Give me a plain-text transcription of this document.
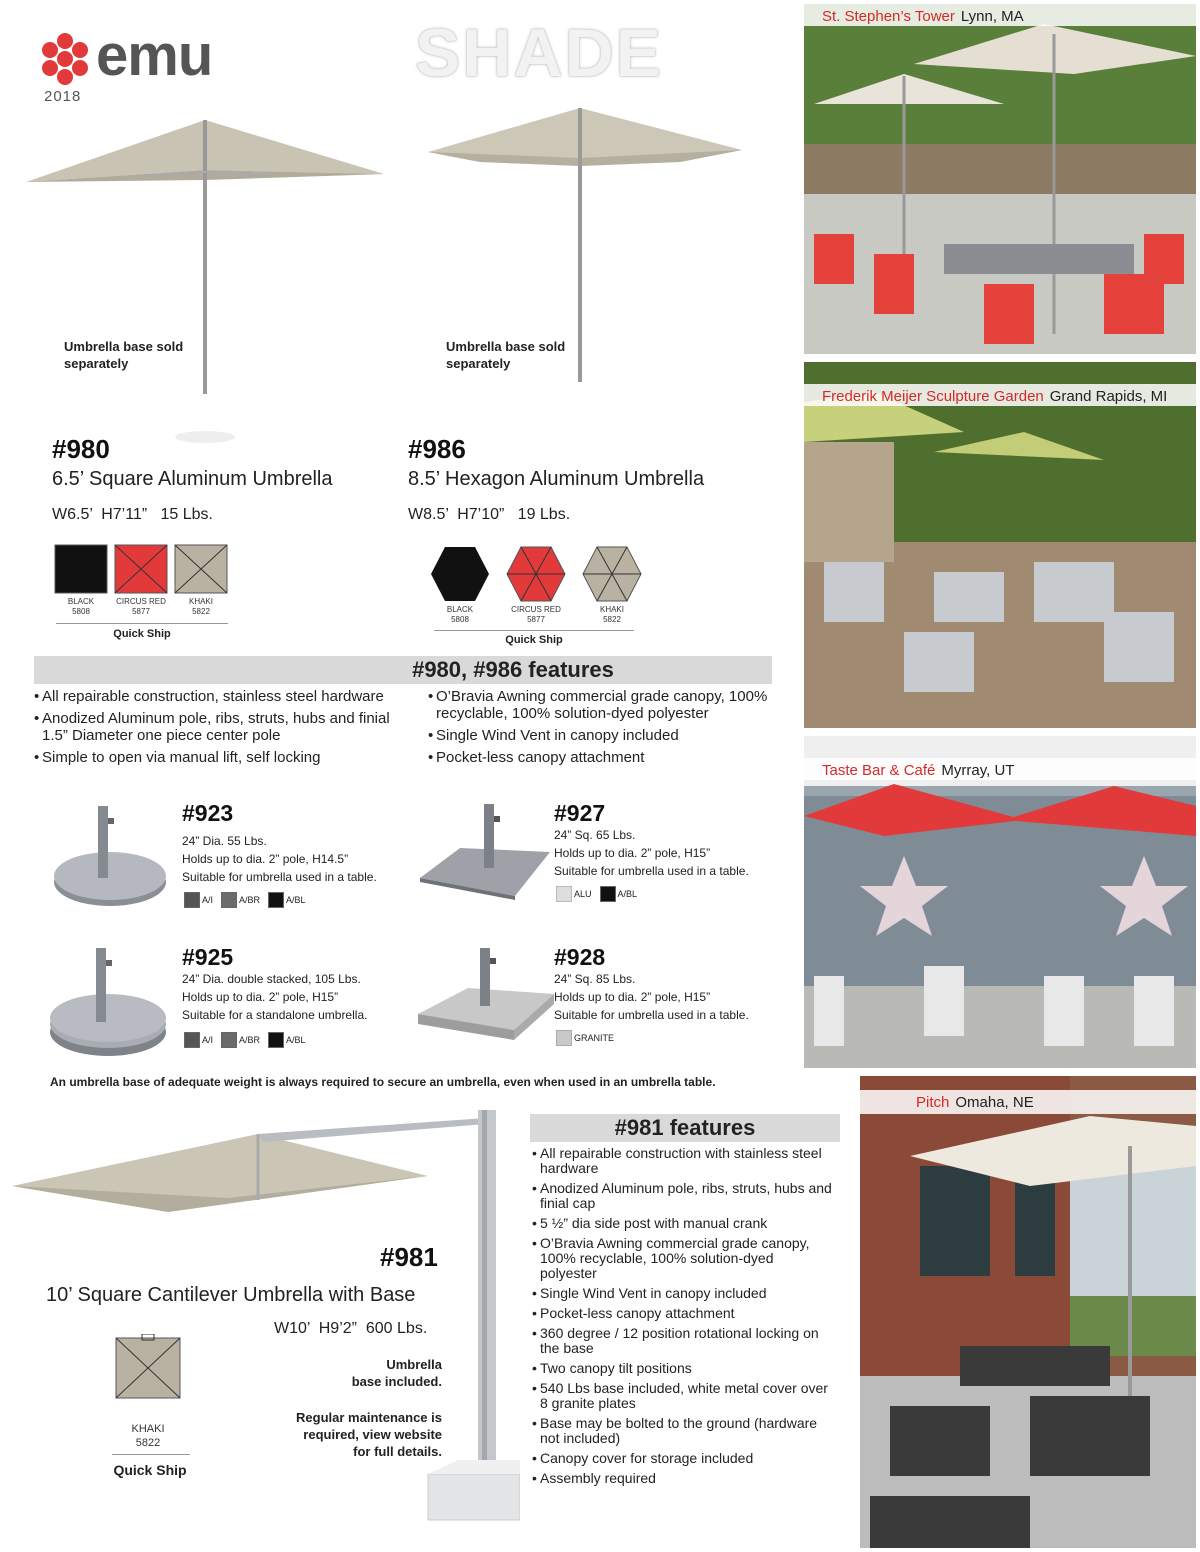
emu
2018
SHADE
Umbrella base sold separately
Umbrella base sold separately
#980
6.5’ Square Aluminum Umbrella
W6.5’  H7’11”   15 Lbs.
BLACK
5808
CIRCUS RED
5877
KHAKI
5822
Quick Ship
#986
8.5’ Hexagon Aluminum Umbrella
W8.5’  H7’10”   19 Lbs.
BLACK
5808
CIRCUS RED
5877
KHAKI
5822
Quick Ship
#980, #986 features
• All repairable construction, stainless steel hardware
• Anodized Aluminum pole, ribs, struts, hubs and finial 1.5” Diameter one piece center pole
• Simple to open via manual lift, self locking
• O’Bravia Awning commercial grade canopy, 100% recyclable, 100% solution-dyed polyester
• Single Wind Vent in canopy included
• Pocket-less canopy attachment
#923
24” Dia. 55 Lbs.
Holds up to dia. 2” pole, H14.5”
Suitable for umbrella used in a table.
A/I	A/BR	A/BL
#927
24” Sq. 65 Lbs.
Holds up to dia. 2” pole, H15”
Suitable for umbrella used in a table.
ALU	A/BL
#925
24” Dia. double stacked, 105 Lbs.
Holds up to dia. 2” pole, H15”
Suitable for a standalone umbrella.
A/I	A/BR	A/BL
#928
24” Sq. 85 Lbs.
Holds up to dia. 2” pole, H15”
Suitable for umbrella used in a table.
GRANITE
An umbrella base of adequate weight is always required to secure an umbrella, even when used in an umbrella table.
#981
10’ Square Cantilever Umbrella with Base
W10’  H9’2”  600 Lbs.
Umbrella
base included.
Regular maintenance is
required, view website
for full details.
KHAKI
5822
Quick Ship
#981 features
• All repairable construction with stainless steel hardware
• Anodized Aluminum pole, ribs, struts, hubs and finial cap
• 5 ½” dia side post with manual crank
• O’Bravia Awning commercial grade canopy, 100% recyclable, 100% solution-dyed polyester
• Single Wind Vent in canopy included
• Pocket-less canopy attachment
• 360 degree / 12 position rotational locking on the base
• Two canopy tilt positions
• 540 Lbs base included, white metal cover over 8 granite plates
• Base may be bolted to the ground (hardware not included)
• Canopy cover for storage included
• Assembly required
St. Stephen’s Tower Lynn, MA
Frederik Meijer Sculpture Garden Grand Rapids, MI
Taste Bar & Café Myrray, UT
Pitch Omaha, NE
